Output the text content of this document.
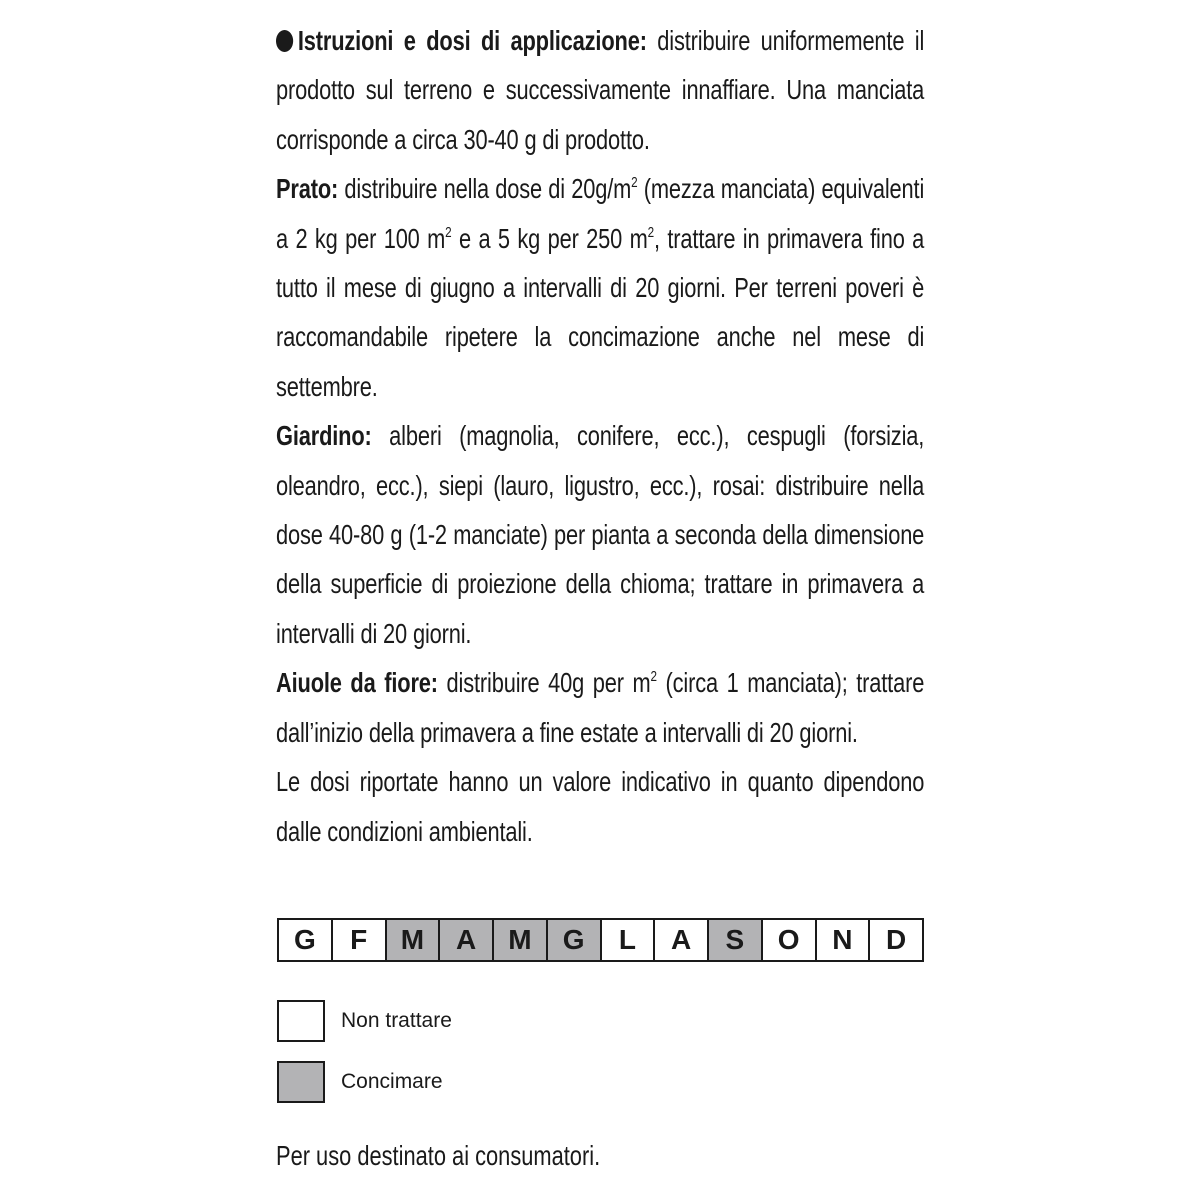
Istruzioni e dosi di applicazione: distribuire uniformemente il prodotto sul terreno e successivamente innaffiare. Una manciata corrisponde a circa 30-40 g di prodotto.

Prato: distribuire nella dose di $20g/m^2$ (mezza manciata) equivalenti a 2 kg per 100 $m^2$ e a 5 kg per 250 $m^2$, trattare in primavera fino a tutto il mese di giugno a intervalli di 20 giorni. Per terreni poveri è raccomandabile ripetere la concimazione anche nel mese di settembre.

Giardino: alberi (magnolia, conifere, ecc.), cespugli (forsizia, oleandro, ecc.), siepi (lauro, ligustro, ecc.), rosai: distribuire nella dose 40-80 g (1-2 manciate) per pianta a seconda della dimensione della superficie di proiezione della chioma; trattare in primavera a intervalli di 20 giorni.

Aiuole da fiore: distribuire 40g per $m^2$ (circa 1 manciata); trattare dall’inizio della primavera a fine estate a intervalli di 20 giorni.

Le dosi riportate hanno un valore indicativo in quanto dipendono dalle condizioni ambientali.

G	F	M	A	M	G	L	A	S	O	N	D
Non trattare
Concimare
Per uso destinato ai consumatori.
